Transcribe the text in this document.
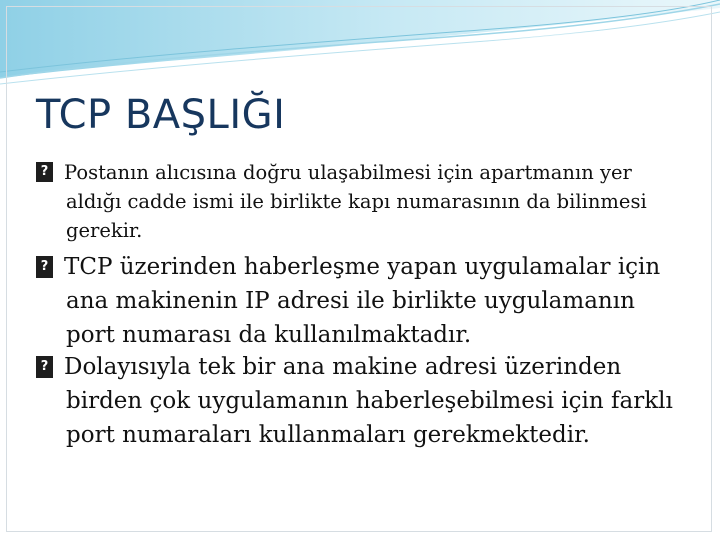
TCP BAŞLIĞI

? Postanın alıcısına doğru ulaşabilmesi için apartmanın yer aldığı cadde ismi ile birlikte kapı numarasının da bilinmesi gerekir.

? TCP üzerinden haberleşme yapan uygulamalar için ana makinenin IP adresi ile birlikte uygulamanın port numarası da kullanılmaktadır.

? Dolayısıyla tek bir ana makine adresi üzerinden birden çok uygulamanın haberleşebilmesi için farklı port numaraları kullanmaları gerekmektedir.
